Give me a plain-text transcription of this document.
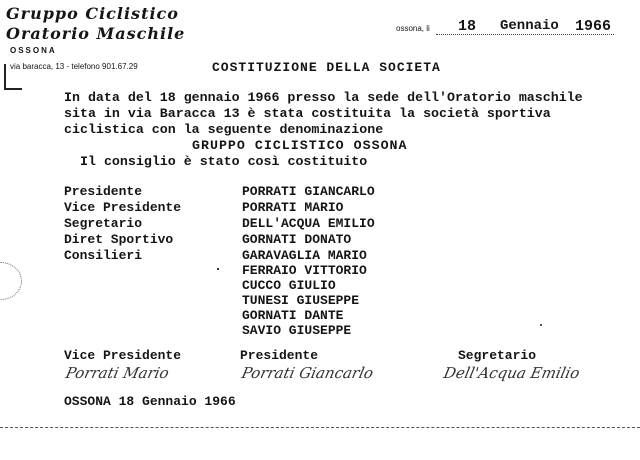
Gruppo Ciclistico
Oratorio Maschile
OSSONA
via baracca, 13 - telefono 901.67.29
ossona, li 18 Gennaio 1966
COSTITUZIONE DELLA SOCIETA
In data del 18 gennaio 1966 presso la sede dell'Oratorio maschile
sita in via Baracca 13 è stata costituita la società sportiva
ciclistica con la seguente denominazione
GRUPPO CICLISTICO OSSONA
Il consiglio è stato così costituito
Presidente	PORRATI GIANCARLO
Vice Presidente	PORRATI MARIO
Segretario	DELL'ACQUA EMILIO
Diret Sportivo	GORNATI DONATO
Consilieri	GARAVAGLIA MARIO
FERRAIO VITTORIO
CUCCO GIULIO
TUNESI GIUSEPPE
GORNATI DANTE
SAVIO GIUSEPPE
Vice Presidente	Presidente	Segretario
Porrati Mario	Porrati Giancarlo	Dell'Acqua Emilio
OSSONA 18 Gennaio 1966
